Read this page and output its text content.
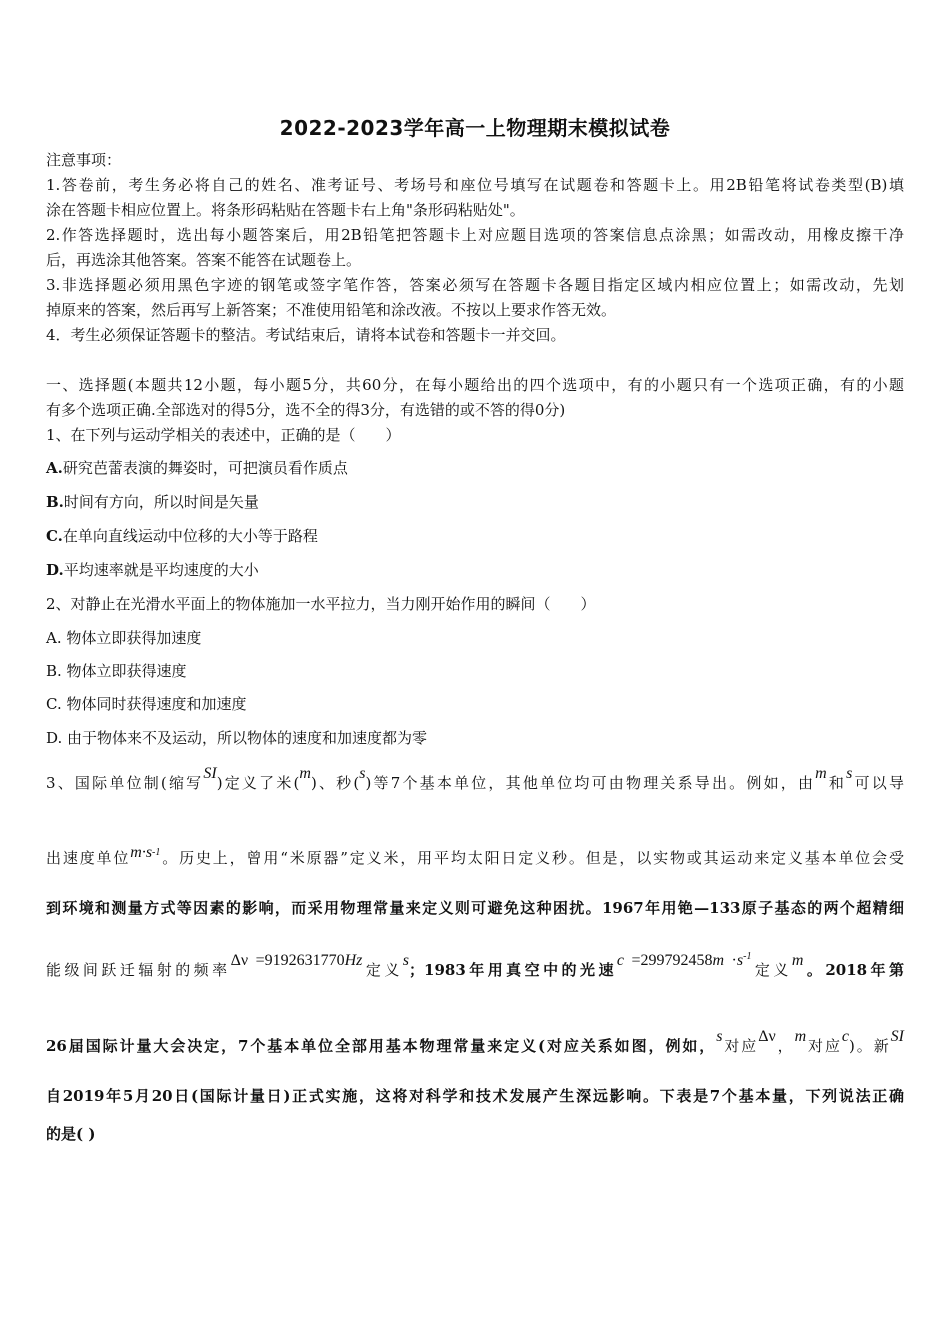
2022-2023学年高一上物理期末模拟试卷
注意事项：
1.答卷前，考生务必将自己的姓名、准考证号、考场号和座位号填写在试题卷和答题卡上。用2B铅笔将试卷类型(B)填
涂在答题卡相应位置上。将条形码粘贴在答题卡右上角"条形码粘贴处"。
2.作答选择题时，选出每小题答案后，用2B铅笔把答题卡上对应题目选项的答案信息点涂黑；如需改动，用橡皮擦干净
后，再选涂其他答案。答案不能答在试题卷上。
3.非选择题必须用黑色字迹的钢笔或签字笔作答，答案必须写在答题卡各题目指定区域内相应位置上；如需改动，先划
掉原来的答案，然后再写上新答案；不准使用铅笔和涂改液。不按以上要求作答无效。
4．考生必须保证答题卡的整洁。考试结束后，请将本试卷和答题卡一并交回。
一、选择题(本题共12小题，每小题5分，共60分，在每小题给出的四个选项中，有的小题只有一个选项正确，有的小题
有多个选项正确.全部选对的得5分，选不全的得3分，有选错的或不答的得0分)
1、在下列与运动学相关的表述中，正确的是（　　）
A.研究芭蕾表演的舞姿时，可把演员看作质点
B.时间有方向，所以时间是矢量
C.在单向直线运动中位移的大小等于路程
D.平均速率就是平均速度的大小
2、对静止在光滑水平面上的物体施加一水平拉力，当力刚开始作用的瞬间（　　）
A. 物体立即获得加速度
B. 物体立即获得速度
C. 物体同时获得速度和加速度
D. 由于物体来不及运动，所以物体的速度和加速度都为零
3、国际单位制(缩写SI)定义了米(m)、秒(s)等7个基本单位，其他单位均可由物理关系导出。例如，由m和s可以导
出速度单位$m\cdot s^{-1}$。历史上，曾用“米原器”定义米，用平均太阳日定义秒。但是，以实物或其运动来定义基本单位会受
到环境和测量方式等因素的影响，而采用物理常量来定义则可避免这种困扰。1967年用铯—133原子基态的两个超精细
能级间跃迁辐射的频率Δν =9192631770Hz定义s；1983年用真空中的光速$c =299792458m \cdot s^{-1}$定义m。2018年第
26届国际计量大会决定，7个基本单位全部用基本物理常量来定义(对应关系如图，例如，s对应Δν，m对应c)。新SI
自2019年5月20日(国际计量日)正式实施，这将对科学和技术发展产生深远影响。下表是7个基本量，下列说法正确
的是( )
